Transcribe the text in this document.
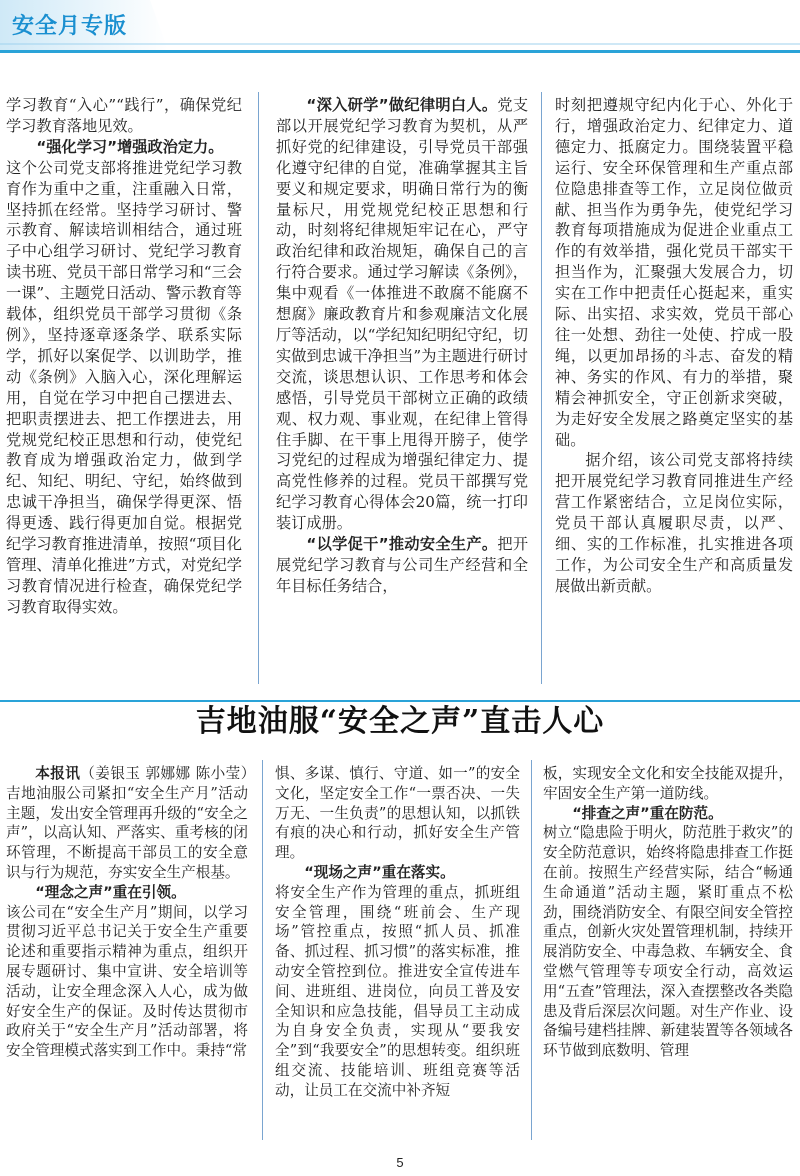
安全月专版

学习教育“入心”“践行”，确保党纪学习教育落地见效。

“强化学习”增强政治定力。

这个公司党支部将推进党纪学习教育作为重中之重，注重融入日常，坚持抓在经常。坚持学习研讨、警示教育、解读培训相结合，通过班子中心组学习研讨、党纪学习教育读书班、党员干部日常学习和“三会一课”、主题党日活动、警示教育等载体，组织党员干部学习贯彻《条例》，坚持逐章逐条学、联系实际学，抓好以案促学、以训助学，推动《条例》入脑入心，深化理解运用，自觉在学习中把自己摆进去、把职责摆进去、把工作摆进去，用党规党纪校正思想和行动，使党纪教育成为增强政治定力，做到学纪、知纪、明纪、守纪，始终做到忠诚干净担当，确保学得更深、悟得更透、践行得更加自觉。根据党纪学习教育推进清单，按照“项目化管理、清单化推进”方式，对党纪学习教育情况进行检查，确保党纪学习教育取得实效。

“深入研学”做纪律明白人。党支部以开展党纪学习教育为契机，从严抓好党的纪律建设，引导党员干部强化遵守纪律的自觉，准确掌握其主旨要义和规定要求，明确日常行为的衡量标尺，用党规党纪校正思想和行动，时刻将纪律规矩牢记在心，严守政治纪律和政治规矩，确保自己的言行符合要求。通过学习解读《条例》，集中观看《一体推进不敢腐不能腐不想腐》廉政教育片和参观廉洁文化展厅等活动，以“学纪知纪明纪守纪，切实做到忠诚干净担当”为主题进行研讨交流，谈思想认识、工作思考和体会感悟，引导党员干部树立正确的政绩观、权力观、事业观，在纪律上管得住手脚、在干事上甩得开膀子，使学习党纪的过程成为增强纪律定力、提高党性修养的过程。党员干部撰写党纪学习教育心得体会20篇，统一打印装订成册。

“以学促干”推动安全生产。把开展党纪学习教育与公司生产经营和全年目标任务结合，

时刻把遵规守纪内化于心、外化于行，增强政治定力、纪律定力、道德定力、抵腐定力。围绕装置平稳运行、安全环保管理和生产重点部位隐患排查等工作，立足岗位做贡献、担当作为勇争先，使党纪学习教育每项措施成为促进企业重点工作的有效举措，强化党员干部实干担当作为，汇聚强大发展合力，切实在工作中把责任心挺起来，重实际、出实招、求实效，党员干部心往一处想、劲往一处使、拧成一股绳，以更加昂扬的斗志、奋发的精神、务实的作风、有力的举措，聚精会神抓安全，守正创新求突破，为走好安全发展之路奠定坚实的基础。

据介绍，该公司党支部将持续把开展党纪学习教育同推进生产经营工作紧密结合，立足岗位实际，党员干部认真履职尽责，以严、细、实的工作标准，扎实推进各项工作，为公司安全生产和高质量发展做出新贡献。

吉地油服“安全之声”直击人心

本报讯（姜银玉 郭娜娜 陈小莹）吉地油服公司紧扣“安全生产月”活动主题，发出安全管理再升级的“安全之声”，以高认知、严落实、重考核的闭环管理，不断提高干部员工的安全意识与行为规范，夯实安全生产根基。

“理念之声”重在引领。

该公司在“安全生产月”期间，以学习贯彻习近平总书记关于安全生产重要论述和重要指示精神为重点，组织开展专题研讨、集中宣讲、安全培训等活动，让安全理念深入人心，成为做好安全生产的保证。及时传达贯彻市政府关于“安全生产月”活动部署，将安全管理模式落实到工作中。秉持“常

惧、多谋、慎行、守道、如一”的安全文化，坚定安全工作“一票否决、一失万无、一生负责”的思想认知，以抓铁有痕的决心和行动，抓好安全生产管理。

“现场之声”重在落实。

将安全生产作为管理的重点，抓班组安全管理，围绕“班前会、生产现场”管控重点，按照“抓人员、抓准备、抓过程、抓习惯”的落实标准，推动安全管控到位。推进安全宣传进车间、进班组、进岗位，向员工普及安全知识和应急技能，倡导员工主动成为自身安全负责，实现从“要我安全”到“我要安全”的思想转变。组织班组交流、技能培训、班组竞赛等活动，让员工在交流中补齐短

板，实现安全文化和安全技能双提升，牢固安全生产第一道防线。

“排查之声”重在防范。

树立“隐患险于明火，防范胜于救灾”的安全防范意识，始终将隐患排查工作挺在前。按照生产经营实际，结合“畅通生命通道”活动主题，紧盯重点不松劲，围绕消防安全、有限空间安全管控重点，创新火灾处置管理机制，持续开展消防安全、中毒急救、车辆安全、食堂燃气管理等专项安全行动，高效运用“五查”管理法，深入查摆整改各类隐患及背后深层次问题。对生产作业、设备编号建档挂牌、新建装置等各领域各环节做到底数明、管理

5
